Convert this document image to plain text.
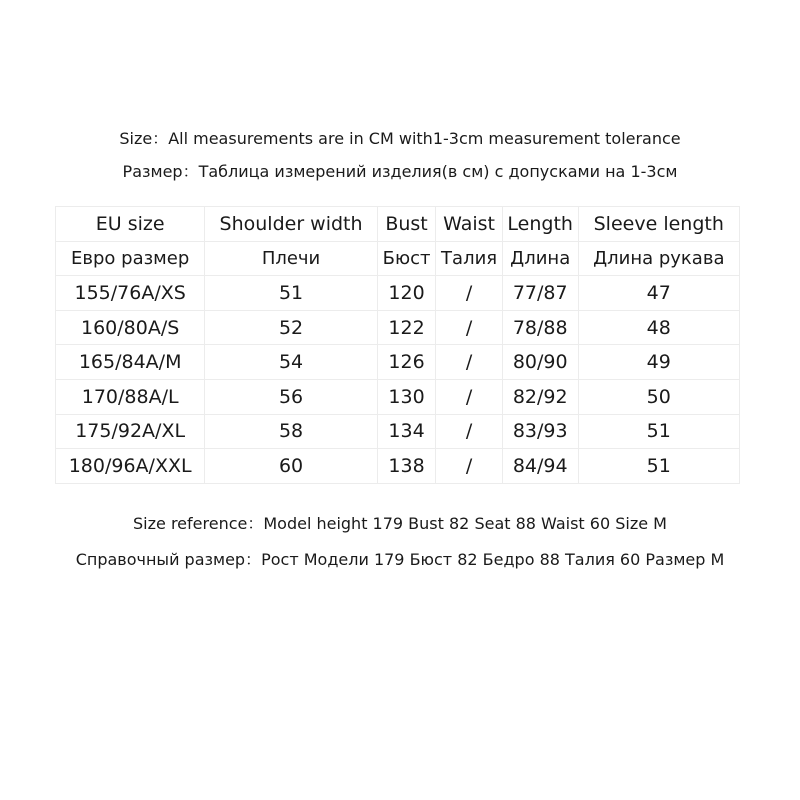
Size：All measurements are in CM with1-3cm measurement tolerance
Размер：Таблица измерений изделия(в см) с допусками на 1-3см
EU size	Shoulder width	Bust	Waist	Length	Sleeve length
Евро размер	Плечи	Бюст	Талия	Длина	Длина рукава
155/76A/XS	51	120	/	77/87	47
160/80A/S	52	122	/	78/88	48
165/84A/M	54	126	/	80/90	49
170/88A/L	56	130	/	82/92	50
175/92A/XL	58	134	/	83/93	51
180/96A/XXL	60	138	/	84/94	51
Size reference：Model height 179 Bust 82 Seat 88 Waist 60 Size M
Справочный размер：Рост Модели 179 Бюст 82 Бедро 88 Талия 60 Размер M
